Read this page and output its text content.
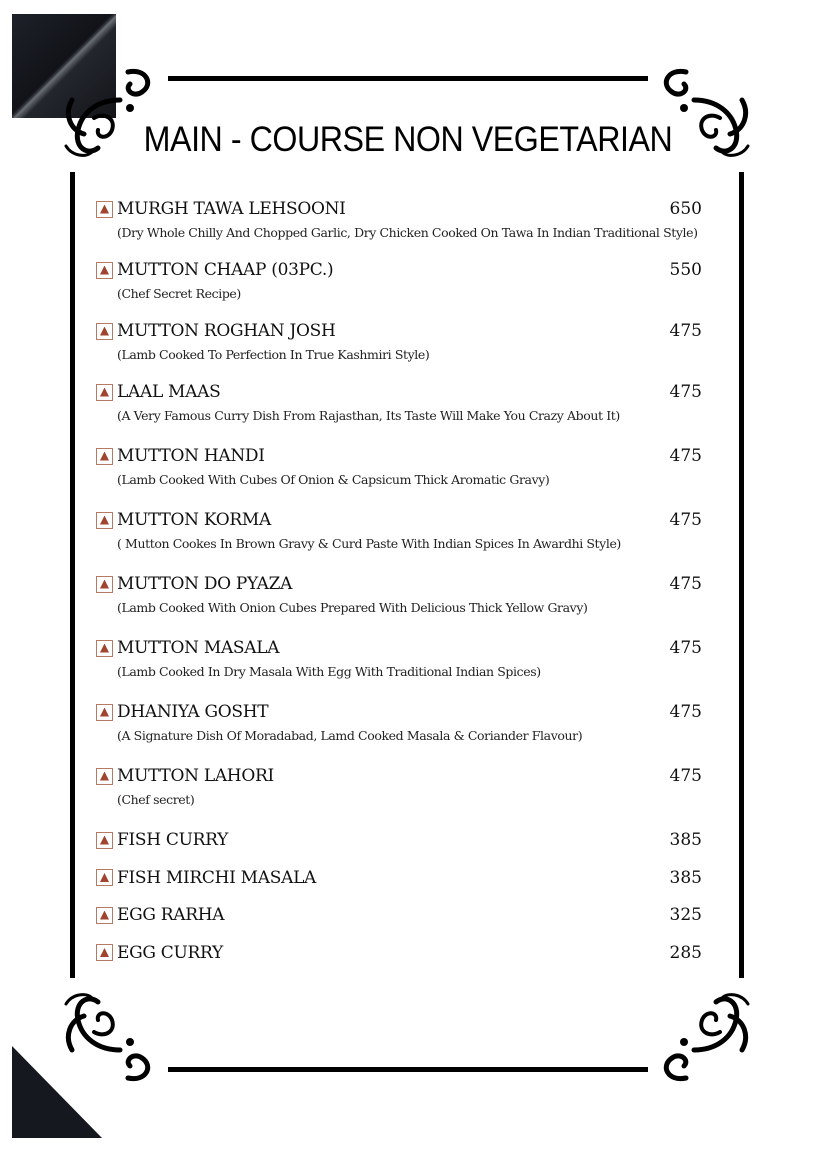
MAIN - COURSE NON VEGETARIAN
MURGH TAWA LEHSOONI	650
(Dry Whole Chilly And Chopped Garlic, Dry Chicken Cooked On Tawa In Indian Traditional Style)
MUTTON CHAAP (03PC.)	550
(Chef Secret Recipe)
MUTTON ROGHAN JOSH	475
(Lamb Cooked To Perfection In True Kashmiri Style)
LAAL MAAS	475
(A Very Famous Curry Dish From Rajasthan, Its Taste Will Make You Crazy About It)
MUTTON HANDI	475
(Lamb Cooked With Cubes Of Onion & Capsicum Thick Aromatic Gravy)
MUTTON KORMA	475
( Mutton Cookes In Brown Gravy & Curd Paste With Indian Spices In Awardhi Style)
MUTTON DO PYAZA	475
(Lamb Cooked With Onion Cubes Prepared With Delicious Thick Yellow Gravy)
MUTTON MASALA	475
(Lamb Cooked In Dry Masala With Egg With Traditional Indian Spices)
DHANIYA GOSHT	475
(A Signature Dish Of Moradabad, Lamd Cooked Masala & Coriander Flavour)
MUTTON LAHORI	475
(Chef secret)
FISH CURRY	385
FISH MIRCHI MASALA	385
EGG RARHA	325
EGG CURRY	285
